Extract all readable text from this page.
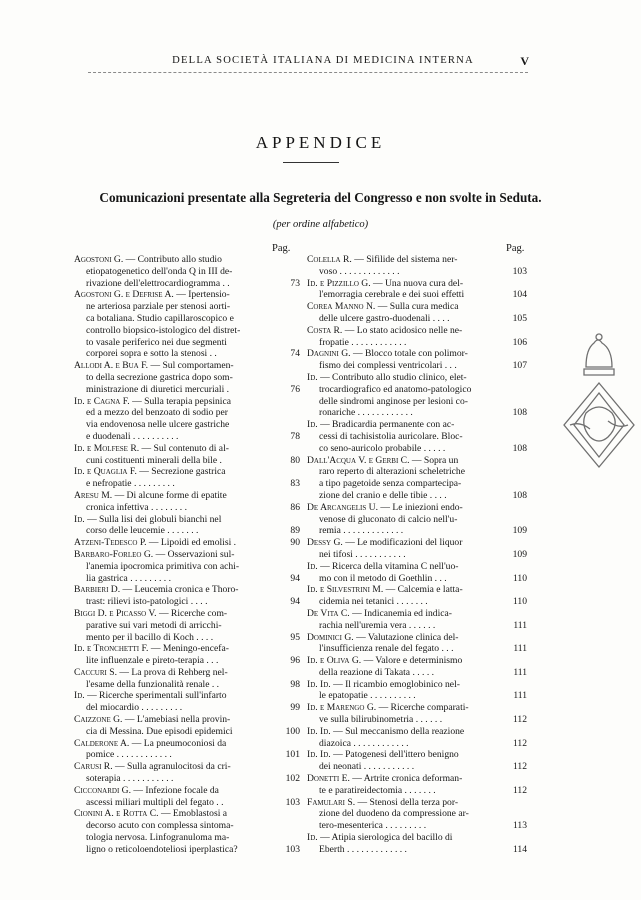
DELLA SOCIETÀ ITALIANA DI MEDICINA INTERNA	V
APPENDICE
Comunicazioni presentate alla Segreteria del Congresso e non svolte in Seduta.
(per ordine alfabetico)
Pag.	Pag.
Agostoni G. — Contributo allo studio
etiopatogenetico dell'onda Q in III de-
rivazione dell'elettrocardiogramma . .	73
Agostoni G. e Defrise A. — Ipertensio-
ne arteriosa parziale per stenosi aorti-
ca botaliana. Studio capillaroscopico e
controllo biopsico-istologico del distret-
to vasale periferico nei due segmenti
corporei sopra e sotto la stenosi . .	74
Allodi A. e Bua F. — Sul comportamen-
to della secrezione gastrica dopo som-
ministrazione di diuretici mercuriali .	76
Id. e Cagna F. — Sulla terapia pepsinica
ed a mezzo del benzoato di sodio per
via endovenosa nelle ulcere gastriche
e duodenali . . . . . . . . . .	78
Id. e Molfese R. — Sul contenuto di al-
cuni costituenti minerali della bile .	80
Id. e Quaglia F. — Secrezione gastrica
e nefropatie . . . . . . . . .	83
Aresu M. — Di alcune forme di epatite
cronica infettiva . . . . . . . .	86
Id. — Sulla lisi dei globuli bianchi nel
corso delle leucemie . . . . . . .	89
Atzeni-Tedesco P. — Lipoidi ed emolisi .	90
Barbaro-Forleo G. — Osservazioni sul-
l'anemia ipocromica primitiva con achi-
lia gastrica . . . . . . . . .	94
Barbieri D. — Leucemia cronica e Thoro-
trast: rilievi isto-patologici . . . .	94
Biggi D. e Picasso V. — Ricerche com-
parative sui vari metodi di arricchi-
mento per il bacillo di Koch . . . .	95
Id. e Tronchetti F. — Meningo-encefa-
lite influenzale e pireto-terapia . . .	96
Caccuri S. — La prova di Rehberg nel-
l'esame della funzionalità renale . .	98
Id. — Ricerche sperimentali sull'infarto
del miocardio . . . . . . . . .	99
Caizzone G. — L'amebiasi nella provin-
cia di Messina. Due episodi epidemici	100
Calderone A. — La pneumoconiosi da
pomice . . . . . . . . . . . .	101
Carusi R. — Sulla agranulocitosi da cri-
soterapia . . . . . . . . . . .	102
Cicconardi G. — Infezione focale da
ascessi miliari multipli del fegato . .	103
Cionini A. e Rotta C. — Emoblastosi a
decorso acuto con complessa sintoma-
tologia nervosa. Linfogranuloma ma-
ligno o reticoloendoteliosi iperplastica?	103
Colella R. — Sifilide del sistema ner-
voso . . . . . . . . . . . . .	103
Id. e Pizzillo G. — Una nuova cura del-
l'emorragia cerebrale e dei suoi effetti	104
Corea Manno N. — Sulla cura medica
delle ulcere gastro-duodenali . . . .	105
Costa R. — Lo stato acidosico nelle ne-
fropatie . . . . . . . . . . . .	106
Dagnini G. — Blocco totale con polimor-
fismo dei complessi ventricolari . . .	107
Id. — Contributo allo studio clinico, elet-
trocardiografico ed anatomo-patologico
delle sindromi anginose per lesioni co-
ronariche . . . . . . . . . . . .	108
Id. — Bradicardia permanente con ac-
cessi di tachisistolia auricolare. Bloc-
co seno-auricolo probabile . . . . .	108
Dall'Acqua V. e Gerbi C. — Sopra un
raro reperto di alterazioni scheletriche
a tipo pagetoide senza compartecipa-
zione del cranio e delle tibie . . . .	108
De Arcangelis U. — Le iniezioni endo-
venose di gluconato di calcio nell'u-
remia . . . . . . . . . . . . .	109
Dessy G. — Le modificazioni del liquor
nei tifosi . . . . . . . . . . .	109
Id. — Ricerca della vitamina C nell'uo-
mo con il metodo di Goethlin . . .	110
Id. e Silvestrini M. — Calcemia e latta-
cidemia nei tetanici . . . . . . .	110
De Vita C. — Indicanemia ed indica-
rachia nell'uremia vera . . . . . .	111
Dominici G. — Valutazione clinica del-
l'insufficienza renale del fegato . . .	111
Id. e Oliva G. — Valore e determinismo
della reazione di Takata . . . . .	111
Id. Id. — Il ricambio emoglobinico nel-
le epatopatie . . . . . . . . . .	111
Id. e Marengo G. — Ricerche comparati-
ve sulla bilirubinometria . . . . . .	112
Id. Id. — Sul meccanismo della reazione
diazoica . . . . . . . . . . . .	112
Id. Id. — Patogenesi dell'ittero benigno
dei neonati . . . . . . . . . . .	112
Donetti E. — Artrite cronica deforman-
te e paratireidectomia . . . . . . .	112
Famulari S. — Stenosi della terza por-
zione del duodeno da compressione ar-
tero-mesenterica . . . . . . . . .	113
Id. — Atipia sierologica del bacillo di
Eberth . . . . . . . . . . . . .	114
